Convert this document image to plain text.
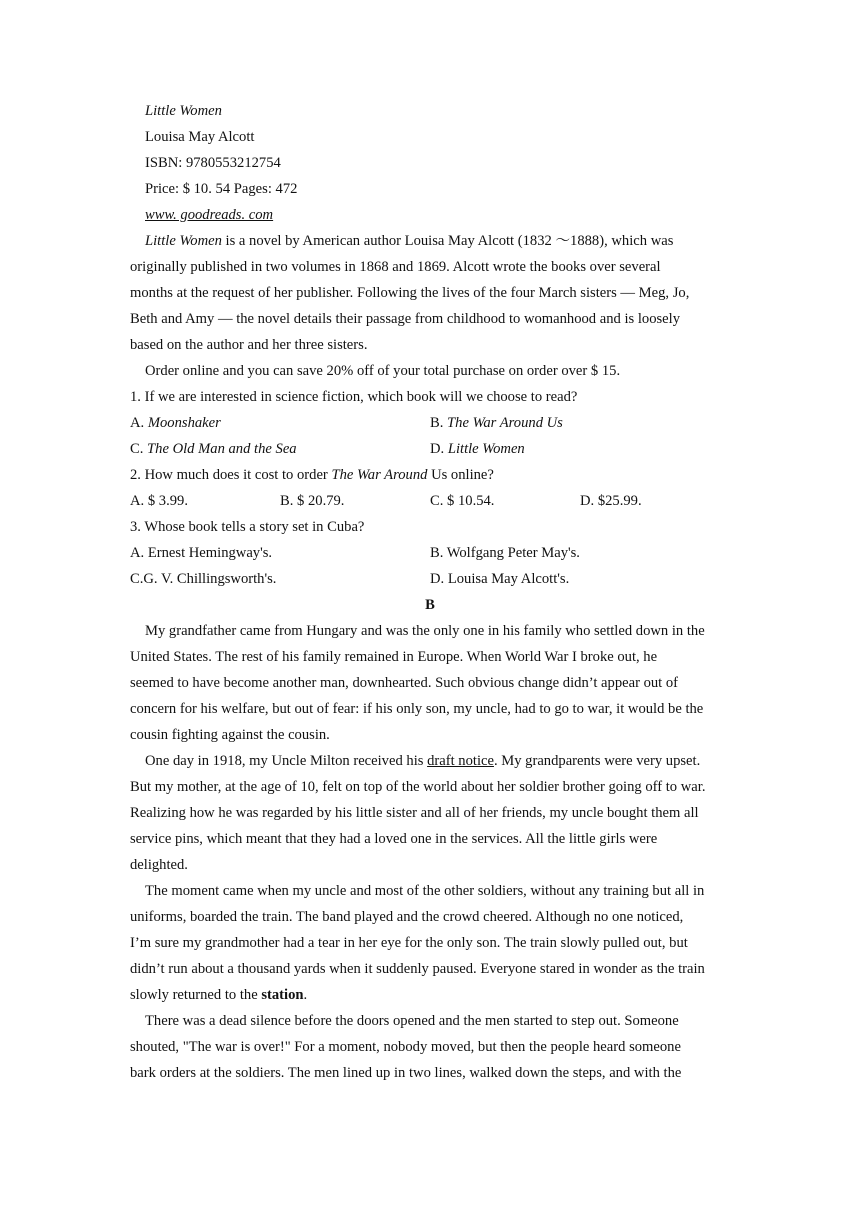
Little Women
Louisa May Alcott
ISBN: 9780553212754
Price: $ 10. 54 Pages: 472
www. goodreads. com
Little Women is a novel by American author Louisa May Alcott (1832 〜1888), which was
originally published in two volumes in 1868 and 1869. Alcott wrote the books over several
months at the request of her publisher. Following the lives of the four March sisters — Meg, Jo,
Beth and Amy — the novel details their passage from childhood to womanhood and is loosely
based on the author and her three sisters.
Order online and you can save 20% off of your total purchase on order over $ 15.
1. If we are interested in science fiction, which book will we choose to read?
A. Moonshaker	B. The War Around Us
C. The Old Man and the Sea	D. Little Women
2. How much does it cost to order The War Around Us online?
A. $ 3.99.	B. $ 20.79.	C. $ 10.54.	D. $25.99.
3. Whose book tells a story set in Cuba?
A. Ernest Hemingway's.	B. Wolfgang Peter May's.
C.G. V. Chillingsworth's.	D. Louisa May Alcott's.
B
My grandfather came from Hungary and was the only one in his family who settled down in the
United States. The rest of his family remained in Europe. When World War I broke out, he
seemed to have become another man, downhearted. Such obvious change didn’t appear out of
concern for his welfare, but out of fear: if his only son, my uncle, had to go to war, it would be the
cousin fighting against the cousin.
One day in 1918, my Uncle Milton received his draft notice. My grandparents were very upset.
But my mother, at the age of 10, felt on top of the world about her soldier brother going off to war.
Realizing how he was regarded by his little sister and all of her friends, my uncle bought them all
service pins, which meant that they had a loved one in the services. All the little girls were
delighted.
The moment came when my uncle and most of the other soldiers, without any training but all in
uniforms, boarded the train. The band played and the crowd cheered. Although no one noticed,
I’m sure my grandmother had a tear in her eye for the only son. The train slowly pulled out, but
didn’t run about a thousand yards when it suddenly paused. Everyone stared in wonder as the train
slowly returned to the station.
There was a dead silence before the doors opened and the men started to step out. Someone
shouted, "The war is over!" For a moment, nobody moved, but then the people heard someone
bark orders at the soldiers. The men lined up in two lines, walked down the steps, and with the
